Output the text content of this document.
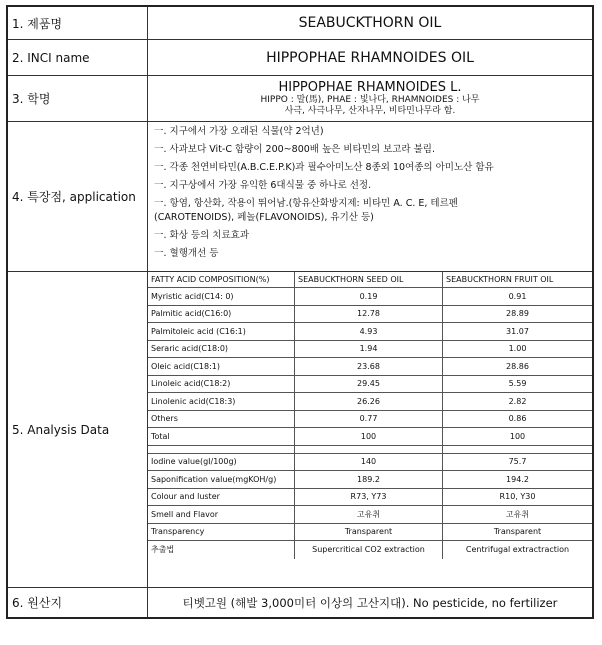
1. 제품명	SEABUCKTHORN OIL
2. INCI name	HIPPOPHAE RHAMNOIDES OIL
3. 학명
HIPPOPHAE RHAMNOIDES L.
HIPPO : 말(馬), PHAE : 빛나다, RHAMNOIDES : 나무
사극, 사극나무, 산자나무, 비타민나무라 함.
4. 특장점, application
一. 지구에서 가장 오래된 식물(약 2억년)
一. 사과보다 Vit-C 함량이 200~800배 높은 비타민의 보고라 불림.
一. 각종 천연비타민(A.B.C.E.P.K)과 필수아미노산 8종외 10여종의 아미노산 함유
一. 지구상에서 가장 유익한 6대식물 중 하나로 선정.
一. 항염, 항산화, 작용이 뛰어남.(항유산화방지제: 비타민 A. C. E, 테르펜
(CAROTENOIDS), 페놀(FLAVONOIDS), 유기산 등)
一. 화상 등의 치료효과
一. 혈행개선 등
5. Analysis Data
FATTY ACID COMPOSITION(%)	SEABUCKTHORN SEED OIL	SEABUCKTHORN FRUIT OIL
Myristic acid(C14: 0)	0.19	0.91
Palmitic acid(C16:0)	12.78	28.89
Palmitoleic acid (C16:1)	4.93	31.07
Seraric acid(C18:0)	1.94	1.00
Oleic acid(C18:1)	23.68	28.86
Linoleic acid(C18:2)	29.45	5.59
Linolenic acid(C18:3)	26.26	2.82
Others	0.77	0.86
Total	100	100
Iodine value(gI/100g)	140	75.7
Saponification value(mgKOH/g)	189.2	194.2
Colour and luster	R73, Y73	R10, Y30
Smell and Flavor	고유취	고유취
Transparency	Transparent	Transparent
추출법	Supercritical CO2 extraction	Centrifugal extractraction
6. 원산지	티벳고원 (해발 3,000미터 이상의 고산지대). No pesticide, no fertilizer
